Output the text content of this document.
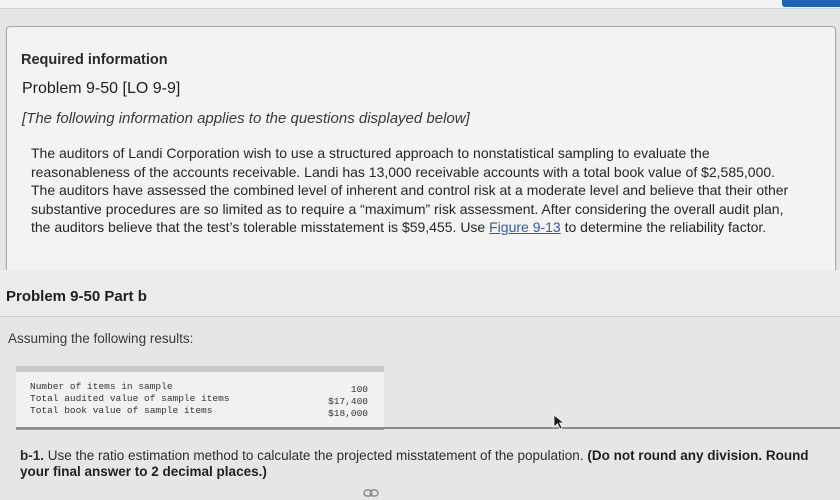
Required information
Problem 9-50 [LO 9-9]
[The following information applies to the questions displayed below]

The auditors of Landi Corporation wish to use a structured approach to nonstatistical sampling to evaluate the reasonableness of the accounts receivable. Landi has 13,000 receivable accounts with a total book value of $2,585,000. The auditors have assessed the combined level of inherent and control risk at a moderate level and believe that their other substantive procedures are so limited as to require a “maximum” risk assessment. After considering the overall audit plan, the auditors believe that the test’s tolerable misstatement is $59,455. Use Figure 9-13 to determine the reliability factor.

Problem 9-50 Part b
Assuming the following results:
Number of items in sample	100
Total audited value of sample items	$17,400
Total book value of sample items	$18,000

b-1. Use the ratio estimation method to calculate the projected misstatement of the population. (Do not round any division. Round your final answer to 2 decimal places.)
